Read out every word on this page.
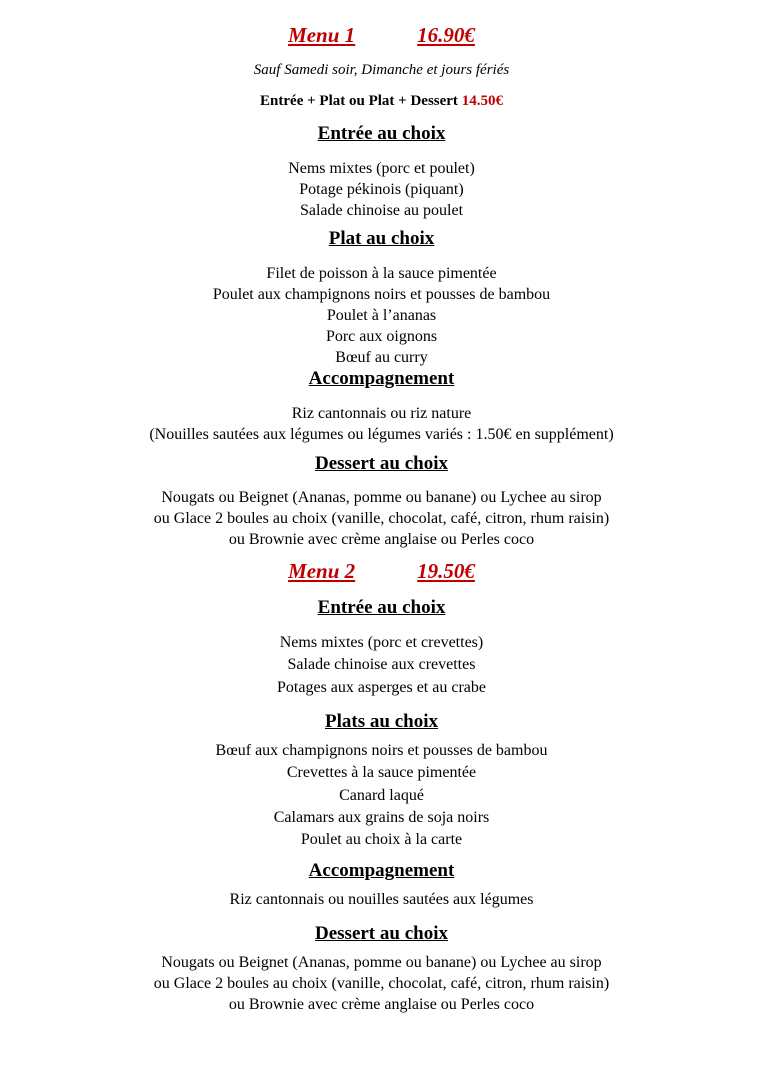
Menu 1	16.90€
Sauf Samedi soir, Dimanche et jours fériés
Entrée + Plat ou Plat + Dessert 14.50€
Entrée au choix
Nems mixtes (porc et poulet)
Potage pékinois (piquant)
Salade chinoise au poulet
Plat au choix
Filet de poisson à la sauce pimentée
Poulet aux champignons noirs et pousses de bambou
Poulet à l’ananas
Porc aux oignons
Bœuf au curry
Accompagnement
Riz cantonnais ou riz nature
(Nouilles sautées aux légumes ou légumes variés : 1.50€ en supplément)
Dessert au choix
Nougats ou Beignet (Ananas, pomme ou banane) ou Lychee au sirop
ou Glace 2 boules au choix (vanille, chocolat, café, citron, rhum raisin)
ou Brownie avec crème anglaise ou Perles coco
Menu 2	19.50€
Entrée au choix
Nems mixtes (porc et crevettes)
Salade chinoise aux crevettes
Potages aux asperges et au crabe
Plats au choix
Bœuf aux champignons noirs et pousses de bambou
Crevettes à la sauce pimentée
Canard laqué
Calamars aux grains de soja noirs
Poulet au choix à la carte
Accompagnement
Riz cantonnais ou nouilles sautées aux légumes
Dessert au choix
Nougats ou Beignet (Ananas, pomme ou banane) ou Lychee au sirop
ou Glace 2 boules au choix (vanille, chocolat, café, citron, rhum raisin)
ou Brownie avec crème anglaise ou Perles coco
